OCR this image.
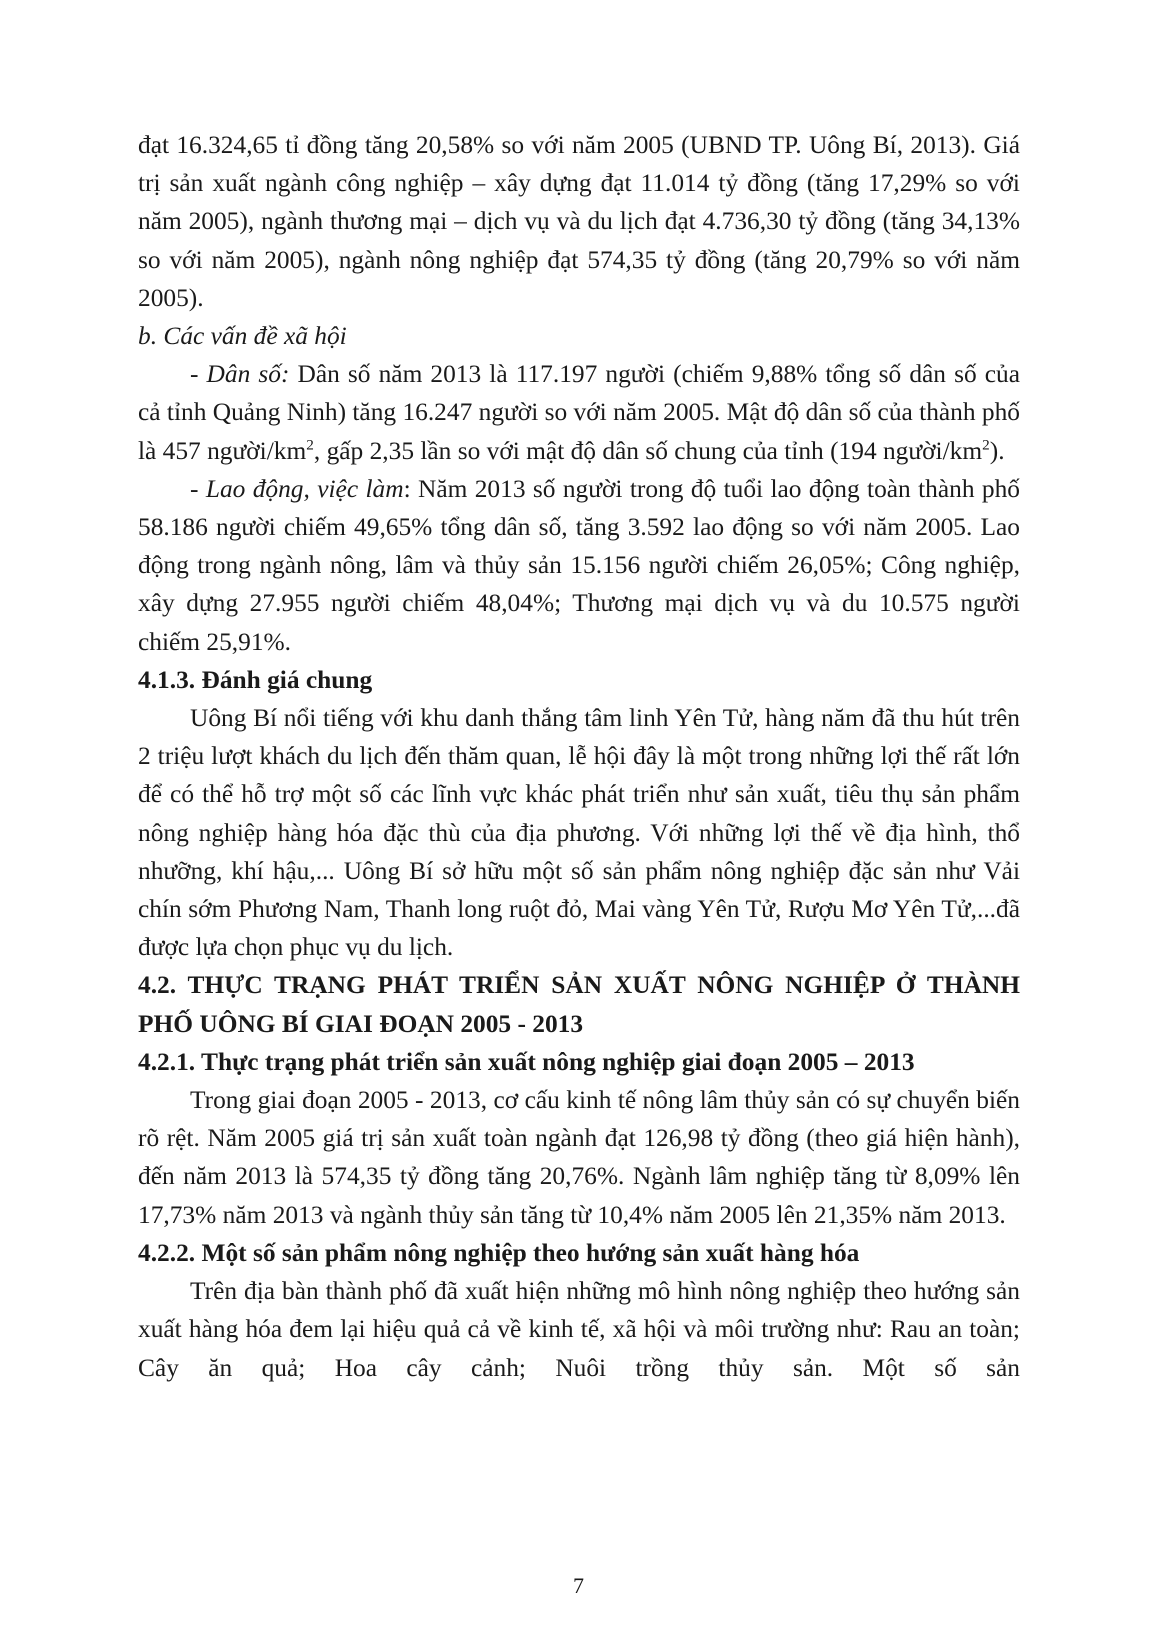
đạt 16.324,65 tỉ đồng tăng 20,58% so với năm 2005 (UBND TP. Uông Bí, 2013). Giá trị sản xuất ngành công nghiệp – xây dựng đạt 11.014 tỷ đồng (tăng 17,29% so với năm 2005), ngành thương mại – dịch vụ và du lịch đạt 4.736,30 tỷ đồng (tăng 34,13% so với năm 2005), ngành nông nghiệp đạt 574,35 tỷ đồng (tăng 20,79% so với năm 2005).

b. Các vấn đề xã hội

- Dân số: Dân số năm 2013 là 117.197 người (chiếm 9,88% tổng số dân số của cả tỉnh Quảng Ninh) tăng 16.247 người so với năm 2005. Mật độ dân số của thành phố là 457 người/$km^2$, gấp 2,35 lần so với mật độ dân số chung của tỉnh (194 người/$km^2$).

- Lao động, việc làm: Năm 2013 số người trong độ tuổi lao động toàn thành phố 58.186 người chiếm 49,65% tổng dân số, tăng 3.592 lao động so với năm 2005. Lao động trong ngành nông, lâm và thủy sản 15.156 người chiếm 26,05%; Công nghiệp, xây dựng 27.955 người chiếm 48,04%; Thương mại dịch vụ và du 10.575 người chiếm 25,91%.

4.1.3. Đánh giá chung

Uông Bí nổi tiếng với khu danh thắng tâm linh Yên Tử, hàng năm đã thu hút trên 2 triệu lượt khách du lịch đến thăm quan, lễ hội đây là một trong những lợi thế rất lớn để có thể hỗ trợ một số các lĩnh vực khác phát triển như sản xuất, tiêu thụ sản phẩm nông nghiệp hàng hóa đặc thù của địa phương. Với những lợi thế về địa hình, thổ nhưỡng, khí hậu,... Uông Bí sở hữu một số sản phẩm nông nghiệp đặc sản như Vải chín sớm Phương Nam, Thanh long ruột đỏ, Mai vàng Yên Tử, Rượu Mơ Yên Tử,...đã được lựa chọn phục vụ du lịch.

4.2. THỰC TRẠNG PHÁT TRIỂN SẢN XUẤT NÔNG NGHIỆP Ở THÀNH PHỐ UÔNG BÍ GIAI ĐOẠN 2005 - 2013

4.2.1. Thực trạng phát triển sản xuất nông nghiệp giai đoạn 2005 – 2013

Trong giai đoạn 2005 - 2013, cơ cấu kinh tế nông lâm thủy sản có sự chuyển biến rõ rệt. Năm 2005 giá trị sản xuất toàn ngành đạt 126,98 tỷ đồng (theo giá hiện hành), đến năm 2013 là 574,35 tỷ đồng tăng 20,76%. Ngành lâm nghiệp tăng từ 8,09% lên 17,73% năm 2013 và ngành thủy sản tăng từ 10,4% năm 2005 lên 21,35% năm 2013.

4.2.2. Một số sản phẩm nông nghiệp theo hướng sản xuất hàng hóa

Trên địa bàn thành phố đã xuất hiện những mô hình nông nghiệp theo hướng sản xuất hàng hóa đem lại hiệu quả cả về kinh tế, xã hội và môi trường như: Rau an toàn; Cây ăn quả; Hoa cây cảnh; Nuôi trồng thủy sản. Một số sản

7
